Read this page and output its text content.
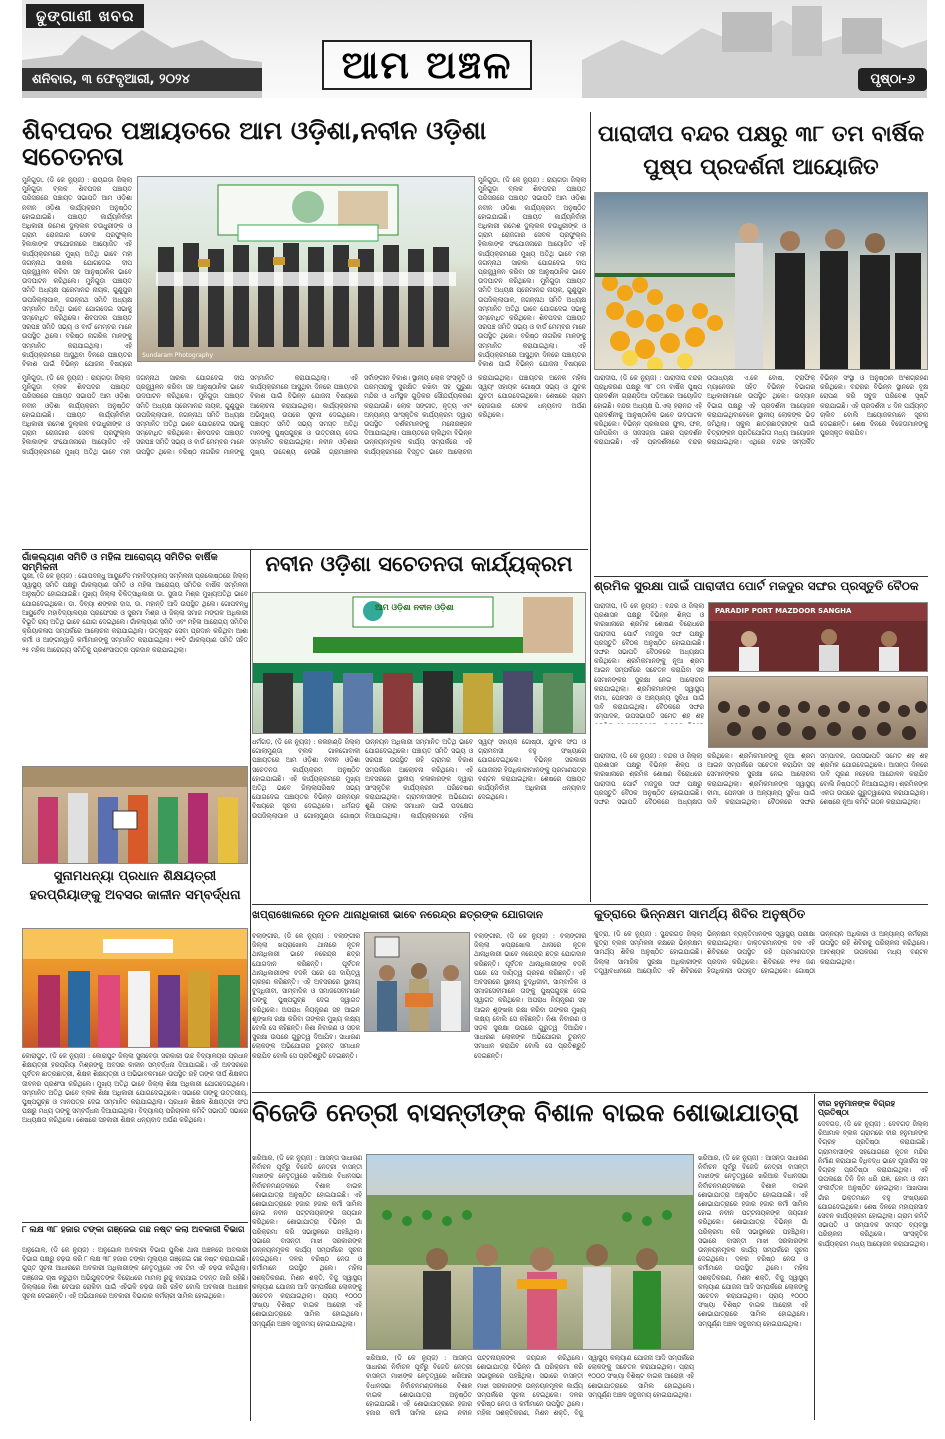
ଢୁଙ୍ଗାଣୀ ଖବର
ଆମ ଅଞ୍ଚଳ
ଶନିବାର, ୩ ଫେବୃଆରୀ, ୨୦୨୪	ପୃଷ୍ଠା-୬
ଶିବପଦର ପଞ୍ଚାୟତରେ ଆମ ଓଡ଼ିଶା,ନବୀନ ଓଡ଼ିଶା ସଚେତନତା
Sundaram Photography
ମୁନିଗୁଡ଼ା, (ଡି କେ ନ୍ୟୁଜ) : ରାୟଗଡ଼ା ଜିଲ୍ଲା ମୁନିଗୁଡ଼ା ବ୍ଲକ ଶିବପଦର ପଞ୍ଚାୟତ ପରିସରରେ ପଞ୍ଚାୟତ ସଭାପତି ଆମ ଓଡ଼ିଶା ନବୀନ ଓଡ଼ିଶା କାର୍ଯ୍ୟକ୍ରମ ଅନୁଷ୍ଠିତ ହୋଇଯାଇଛି। ପଞ୍ଚାୟତ କାର୍ଯ୍ୟନିର୍ବାହୀ ଅଧିକାରୀ ରମେଶ ଦୁଲ୍ଲକ ଚଉଧୁରୀଙ୍କ ଓ ଗ୍ରାମ ରୋଜଗାର ସେବକ ପ୍ରଫୁଲ୍ଲ ହିକାକାଙ୍କ ସଂଯୋଜନାରେ ଆୟୋଜିତ ଏହି କାର୍ଯ୍ୟକ୍ରମରେ ମୁଖ୍ୟ ଅତିଥି ଭାବେ ମହୀ ଜଗନ୍ନାଥ ସାରକା ଯୋଗଦେଇ ଦୀପ ପ୍ରଜ୍ଜ୍ୱଳନ କରିବା ସହ ଆନୁଷ୍ଠାନିକ ଭାବେ ଉଦଘାଟନ କରିଥିଲେ। ମୁନିଗୁଡ଼ା ପଞ୍ଚାୟତ ସମିତି ଅଧ୍ୟକ୍ଷ ପ୍ରେମାନନ୍ଦ ନାୟକ, ଗୁଣୁପୁର ଉପଜିଲ୍ଲାପାଳ, ଜଗନ୍ନାଥ ସମିତି ଅଧ୍ୟକ୍ଷ ସମ୍ମାନିତ ଅତିଥି ଭାବେ ଯୋଗଦେଇ ସଭାକୁ ସମ୍ବୋଧିତ କରିଥିଲେ। ଶିବପଦର ପଞ୍ଚାୟତ ସରପଞ୍ଚ ସମିତି ସଭ୍ୟ ଓ ବାର୍ଡ ମେମ୍ବର ମାନେ ଉପସ୍ଥିତ ଥିଲେ। ବରିଷ୍ଠ ନାଗରିକ ମାନଙ୍କୁ ସମ୍ମାନିତ କରାଯାଇଥିଲା। ଏହି କାର୍ଯ୍ୟକ୍ରମରେ ଆସୁଥିବା ଦିନରେ ପଞ୍ଚାୟତର ବିକାଶ ପାଇଁ ବିଭିନ୍ନ ଯୋଜନା ବିଷୟରେ
ମୁନିଗୁଡ଼ା, (ଡି କେ ନ୍ୟୁଜ) : ରାୟଗଡ଼ା ଜିଲ୍ଲା ମୁନିଗୁଡ଼ା ବ୍ଲକ ଶିବପଦର ପଞ୍ଚାୟତ ପରିସରରେ ପଞ୍ଚାୟତ ସଭାପତି ଆମ ଓଡ଼ିଶା ନବୀନ ଓଡ଼ିଶା କାର୍ଯ୍ୟକ୍ରମ ଅନୁଷ୍ଠିତ ହୋଇଯାଇଛି। ପଞ୍ଚାୟତ କାର୍ଯ୍ୟନିର୍ବାହୀ ଅଧିକାରୀ ରମେଶ ଦୁଲ୍ଲକ ଚଉଧୁରୀଙ୍କ ଓ ଗ୍ରାମ ରୋଜଗାର ସେବକ ପ୍ରଫୁଲ୍ଲ ହିକାକାଙ୍କ ସଂଯୋଜନାରେ ଆୟୋଜିତ ଏହି କାର୍ଯ୍ୟକ୍ରମରେ ମୁଖ୍ୟ ଅତିଥି ଭାବେ ମହୀ ଜଗନ୍ନାଥ ସାରକା ଯୋଗଦେଇ ଦୀପ ପ୍ରଜ୍ଜ୍ୱଳନ କରିବା ସହ ଆନୁଷ୍ଠାନିକ ଭାବେ ଉଦଘାଟନ କରିଥିଲେ। ମୁନିଗୁଡ଼ା ପଞ୍ଚାୟତ ସମିତି ଅଧ୍ୟକ୍ଷ ପ୍ରେମାନନ୍ଦ ନାୟକ, ଗୁଣୁପୁର ଉପଜିଲ୍ଲାପାଳ, ଜଗନ୍ନାଥ ସମିତି ଅଧ୍ୟକ୍ଷ ସମ୍ମାନିତ ଅତିଥି ଭାବେ ଯୋଗଦେଇ ସଭାକୁ ସମ୍ବୋଧିତ କରିଥିଲେ। ଶିବପଦର ପଞ୍ଚାୟତ ସରପଞ୍ଚ ସମିତି ସଭ୍ୟ ଓ ବାର୍ଡ ମେମ୍ବର ମାନେ ଉପସ୍ଥିତ ଥିଲେ। ବରିଷ୍ଠ ନାଗରିକ ମାନଙ୍କୁ ସମ୍ମାନିତ କରାଯାଇଥିଲା। ଏହି କାର୍ଯ୍ୟକ୍ରମରେ ଆସୁଥିବା ଦିନରେ ପଞ୍ଚାୟତର ବିକାଶ ପାଇଁ ବିଭିନ୍ନ ଯୋଜନା ବିଷୟରେ
ମୁନିଗୁଡ଼ା, (ଡି କେ ନ୍ୟୁଜ) : ରାୟଗଡ଼ା ଜିଲ୍ଲା ମୁନିଗୁଡ଼ା ବ୍ଲକ ଶିବପଦର ପଞ୍ଚାୟତ ପରିସରରେ ପଞ୍ଚାୟତ ସଭାପତି ଆମ ଓଡ଼ିଶା ନବୀନ ଓଡ଼ିଶା କାର୍ଯ୍ୟକ୍ରମ ଅନୁଷ୍ଠିତ ହୋଇଯାଇଛି। ପଞ୍ଚାୟତ କାର୍ଯ୍ୟନିର୍ବାହୀ ଅଧିକାରୀ ରମେଶ ଦୁଲ୍ଲକ ଚଉଧୁରୀଙ୍କ ଓ ଗ୍ରାମ ରୋଜଗାର ସେବକ ପ୍ରଫୁଲ୍ଲ ହିକାକାଙ୍କ ସଂଯୋଜନାରେ ଆୟୋଜିତ ଏହି କାର୍ଯ୍ୟକ୍ରମରେ ମୁଖ୍ୟ ଅତିଥି ଭାବେ ମହୀ ଜଗନ୍ନାଥ ସାରକା ଯୋଗଦେଇ ଦୀପ ପ୍ରଜ୍ଜ୍ୱଳନ କରିବା ସହ ଆନୁଷ୍ଠାନିକ ଭାବେ ଉଦଘାଟନ କରିଥିଲେ। ମୁନିଗୁଡ଼ା ପଞ୍ଚାୟତ ସମିତି ଅଧ୍ୟକ୍ଷ ପ୍ରେମାନନ୍ଦ ନାୟକ, ଗୁଣୁପୁର ଉପଜିଲ୍ଲାପାଳ, ଜଗନ୍ନାଥ ସମିତି ଅଧ୍ୟକ୍ଷ ସମ୍ମାନିତ ଅତିଥି ଭାବେ ଯୋଗଦେଇ ସଭାକୁ ସମ୍ବୋଧିତ କରିଥିଲେ। ଶିବପଦର ପଞ୍ଚାୟତ ସରପଞ୍ଚ ସମିତି ସଭ୍ୟ ଓ ବାର୍ଡ ମେମ୍ବର ମାନେ ଉପସ୍ଥିତ ଥିଲେ। ବରିଷ୍ଠ ନାଗରିକ ମାନଙ୍କୁ ସମ୍ମାନିତ କରାଯାଇଥିଲା। ଏହି କାର୍ଯ୍ୟକ୍ରମରେ ଆସୁଥିବା ଦିନରେ ପଞ୍ଚାୟତର ବିକାଶ ପାଇଁ ବିଭିନ୍ନ ଯୋଜନା ବିଷୟରେ ଆଲୋଚନା କରାଯାଇଥିଲା। କାର୍ଯ୍ୟକ୍ରମର ଅଭିମୁଖ୍ୟ ଉପରେ ସୂଚନା ଦେଇଥିଲେ। ପଞ୍ଚାୟତ ସମିତି ସଭ୍ୟ ସମସ୍ତ ଅତିଥି ମାନଙ୍କୁ ପୁଷ୍ପଗୁଚ୍ଛ ଓ ଉତ୍ତରୀୟ ଦେଇ ସମ୍ମାନିତ କରାଯାଇଥିଲା। ନବୀନ ଓଡ଼ିଶାର ମୁଖ୍ୟ ଉଦ୍ଦେଶ୍ୟ ହେଉଛି ଗ୍ରାମାଞ୍ଚଳର ସର୍ବାଙ୍ଗୀନ ବିକାଶ। ସ୍ଥାନୀୟ ଲୋକ ସଂସ୍କୃତି ଓ ପରମ୍ପରାକୁ ସୁରକ୍ଷିତ ରଖିବା ସହ ପୁରୁଣା ମନ୍ଦିର ଓ ଧର୍ମସ୍ଥଳ ଗୁଡ଼ିକର ସୌନ୍ଦର୍ଯ୍ୟକରଣ କରାଯାଉଛି। ଲୋକ ସଙ୍ଗୀତ, ନୃତ୍ୟ ଏବଂ ଅନ୍ୟାନ୍ୟ ସାଂସ୍କୃତିକ କାର୍ଯ୍ୟକ୍ରମ ଦ୍ୱାରା ଉପସ୍ଥିତ ଦର୍ଶକମାନଙ୍କୁ ମନୋରଞ୍ଜନ ଦିଆଯାଇଥିଲା। ପଞ୍ଚାୟତରେ ଚାଲିଥିବା ବିଭିନ୍ନ ଉନ୍ନୟନମୂଳକ କାର୍ଯ୍ୟ ସମ୍ପର୍କରେ ଏହି କାର୍ଯ୍ୟକ୍ରମରେ ବିସ୍ତୃତ ଭାବେ ଆଲୋଚନା କରାଯାଇଥିଲା। ପଞ୍ଚାୟତର ଅନେକ ମହିଳା ସ୍ୱୟଂ ସହାୟକ ଗୋଷ୍ଠୀ ସଭ୍ୟ ଓ ଯୁବକ ଯୁବତୀ ଯୋଗଦେଇଥିଲେ। ଶେଷରେ ଗ୍ରାମ ରୋଜଗାର ସେବକ ଧନ୍ୟବାଦ ଅର୍ପଣ କରିଥିଲେ।
ପାରାଦୀପ ବନ୍ଦର ପକ୍ଷରୁ ୩୮ ତମ ବାର୍ଷିକ ପୁଷ୍ପ ପ୍ରଦର୍ଶନୀ ଆୟୋଜିତ
ପାରାଦୀପ, (ଡି କେ ନ୍ୟୁଜ) : ପାରାଦୀପ ବନ୍ଦର ପ୍ରାଧିକରଣ ପକ୍ଷରୁ ୩୮ ତମ ବାର୍ଷିକ ପୁଷ୍ପ ପ୍ରଦର୍ଶନୀ ଗ୍ରାଣ୍ଡିଆ ପଡ଼ିଆରେ ଆୟୋଜିତ ହୋଇଛି। ବନ୍ଦର ଅଧ୍ୟକ୍ଷ ପି.ଏଲ୍ ହରାନନ୍ଦ ଏହି ପ୍ରଦର୍ଶନୀକୁ ଆନୁଷ୍ଠାନିକ ଭାବେ ଉଦଘାଟନ କରିଥିଲେ। ବିଭିନ୍ନ ପ୍ରକାରର ଫୁଲ, ଫଳ, ପନିପରିବା ଓ ସଜସଜ୍ଜା ଗଛର ପ୍ରଦର୍ଶନ କରାଯାଇଛି। ଏହି ପ୍ରଦର୍ଶନୀରେ ବନ୍ଦର ଉପାଧ୍ୟକ୍ଷ ଏ.କେ ବୋଷ, ଟ୍ରାଫିକ୍ ମ୍ୟାନେଜର ସହିତ ବିଭିନ୍ନ ବିଭାଗର ଅଧିକାରୀମାନେ ଉପସ୍ଥିତ ଥିଲେ। ଉଦ୍ୟାନ ବିଭାଗ ପକ୍ଷରୁ ଏହି ପ୍ରଦର୍ଶନୀ ଆୟୋଜନ କରାଯାଇଥିବାବେଳେ ସ୍ଥାନୀୟ ଲୋକଙ୍କ ଭିଡ଼ ଜମିଥିଲା। ସ୍କୁଲ ଛାତ୍ରଛାତ୍ରୀଙ୍କ ପାଇଁ ଚିତ୍ରାଙ୍କନ ପ୍ରତିଯୋଗିତା ମଧ୍ୟ ଆୟୋଜନ କରାଯାଇଥିଲା। ଏଥିରେ ବନ୍ଦର ସମ୍ପର୍କିତ ବିଭିନ୍ନ ସଂସ୍ଥା ଓ ଅନୁଷ୍ଠାନ ଅଂଶଗ୍ରହଣ କରିଥିଲେ। ବନ୍ଦରର ବିଭିନ୍ନ ସ୍ଥାନରେ ବୃକ୍ଷ ରୋପଣ କରି ସବୁଜ ପରିବେଶ ସୃଷ୍ଟି କରାଯାଇଛି। ଏହି ପ୍ରଦର୍ଶନୀ ୪ ଦିନ ପର୍ଯ୍ୟନ୍ତ ଚାଲିବ ବୋଲି ଆୟୋଜକମାନେ ସୂଚନା ଦେଇଛନ୍ତି। ଶେଷ ଦିନରେ ବିଜେତାମାନଙ୍କୁ ପୁରସ୍କୃତ କରାଯିବ।
ଗାଁକଲ୍ୟାଣ ସମିତି ଓ ମହିଳା ଆରୋଗ୍ୟ ସମିତିର ବାର୍ଷିକ ସମ୍ମିଳନୀ
ପୁରୀ, (ଡି କେ ନ୍ୟୁଜ) : ଗୋପବନ୍ଧୁ ଆୟୁର୍ବେଦ ମହାବିଦ୍ୟାଳୟ ସମ୍ମିଳନୀ ପ୍ରକୋଷ୍ଠରେ ଜିଲ୍ଲା ସ୍ୱାସ୍ଥ୍ୟ ସମିତି ପକ୍ଷରୁ ଗାଁକଲ୍ୟାଣ ସମିତି ଓ ମହିଳା ଆରୋଗ୍ୟ ସମିତିର ବାର୍ଷିକ ସମ୍ମିଳନୀ ଅନୁଷ୍ଠିତ ହୋଇଯାଇଛି। ମୁଖ୍ୟ ଜିଲ୍ଲା ଚିକିତ୍ସାଧିକାରୀ ଡା. ସୁଜାତା ମିଶ୍ର ମୁଖ୍ୟଅତିଥି ଭାବେ ଯୋଗଦେଇଥିଲେ। ଡା. ଦିବ୍ୟା ଶଙ୍କର ଦାସ, ଡା. ମହାନ୍ତି ଆଦି ଉପସ୍ଥିତ ଥିଲେ। ଗୋପବନ୍ଧୁ ଆୟୁର୍ବେଦ ମହାବିଦ୍ୟାଳୟର ପ୍ରଫେସର ଓ ସୁରମା ମିଶ୍ର ଓ ଜିଲ୍ଲା ସମାଜ ମଙ୍ଗଳ ଅଧିକାରୀ ବିଭୂତି ରାୟ ଅତିଥି ଭାବେ ଯୋଗ ଦେଇଥିଲେ। ଗାଁକଲ୍ୟାଣ ସମିତି ଏବଂ ମହିଳା ଆରୋଗ୍ୟ ସମିତିର କ୍ରିୟାକଳାପ ସମ୍ପର୍କରେ ଆଲୋଚନା କରାଯାଇଥିଲା। ଉତ୍କୃଷ୍ଟ ସେବା ପ୍ରଦାନ କରିଥିବା ଆଶା କର୍ମୀ ଓ ଆଙ୍ଗନୱାଡ଼ି କର୍ମୀମାନଙ୍କୁ ସମ୍ମାନିତ କରାଯାଇଥିଲା। ୧୧ଟି ଗାଁକଲ୍ୟାଣ ସମିତି ସହିତ ୨୫ ମହିଳା ଆରୋଗ୍ୟ ସମିତିକୁ ପ୍ରଶଂସାପତ୍ର ପ୍ରଦାନ କରାଯାଇଥିଲା।
ନବୀନ ଓଡ଼ିଶା ସଚେତନତା କାର୍ଯ୍ୟକ୍ରମ
ଆମ ଓଡ଼ିଶା ନବୀନ ଓଡ଼ିଶା
ଧର୍ମଗଡ଼, (ଡି କେ ନ୍ୟୁଜ) : କଳାହାଣ୍ଡି ଜିଲ୍ଲା ଗୋଲାମୁଣ୍ଡା ବ୍ଲକ ଗାଳଗୋବାଳୀ ପଞ୍ଚାୟତରେ ଆମ ଓଡ଼ିଶା ନବୀନ ଓଡ଼ିଶା ସଚେତନତା କାର୍ଯ୍ୟକ୍ରମ ଅନୁଷ୍ଠିତ ହୋଇଯାଇଛି। ଏହି କାର୍ଯ୍ୟକ୍ରମରେ ମୁଖ୍ୟ ଅତିଥି ଭାବେ ଜିଲ୍ଲାପରିଷଦ ସଭ୍ୟ ଯୋଗଦେଇ ପଞ୍ଚାୟତର ବିଭିନ୍ନ ଉନ୍ନୟନ ବିଷୟରେ ସୂଚନା ଦେଇଥିଲେ। ଧର୍ମଗଡ଼ ଉପଜିଲ୍ଲାପାଳ ଓ ଗୋଲାମୁଣ୍ଡା ଗୋଷ୍ଠୀ ଉନ୍ନୟନ ଅଧିକାରୀ ସମ୍ମାନିତ ଅତିଥି ଭାବେ ଯୋଗଦେଇଥିଲେ। ପଞ୍ଚାୟତ ସମିତି ସଭ୍ୟ ଓ ସରପଞ୍ଚ ଉପସ୍ଥିତ ରହି ଗ୍ରାମର ବିକାଶ ସମ୍ପର୍କରେ ଆଲୋଚନା କରିଥିଲେ। ଏହି ଅବସରରେ ସ୍ଥାନୀୟ କଳାକାରଙ୍କ ଦ୍ୱାରା ସାଂସ୍କୃତିକ କାର୍ଯ୍ୟକ୍ରମ ପରିବେଷଣ କରାଯାଇଥିଲା। ଗ୍ରାମବାସୀଙ୍କ ଅଭିଯୋଗ ଶୁଣି ତାହାର ସମାଧାନ ପାଇଁ ପଦକ୍ଷେପ ନିଆଯାଇଥିଲା। କାର୍ଯ୍ୟକ୍ରମରେ ମହିଳା ସ୍ୱୟଂ ସହାୟକ ଗୋଷ୍ଠୀ, ଯୁବକ ସଂଘ ଓ ଗ୍ରାମବାସୀ ବହୁ ସଂଖ୍ୟାରେ ଯୋଗଦେଇଥିଲେ। ବିଭିନ୍ନ ସରକାରୀ ଯୋଜନାର ହିତାଧିକାରୀମାନଙ୍କୁ ପ୍ରମାଣପତ୍ର ବଣ୍ଟନ କରାଯାଇଥିଲା। ଶେଷରେ ପଞ୍ଚାୟତ କାର୍ଯ୍ୟନିର୍ବାହୀ ଅଧିକାରୀ ଧନ୍ୟବାଦ ଦେଇଥିଲେ।
ଶ୍ରମିକ ସୁରକ୍ଷା ପାଇଁ ପାରାଦୀପ ପୋର୍ଟ ମଜଦୁର ସଙ୍ଘର ପ୍ରସ୍ତୁତି ବୈଠକ
ପାରାଦୀପ, (ଡି କେ ନ୍ୟୁଜ) : ବନ୍ଦର ଓ ଜିଲ୍ଲା ପ୍ରଶାସନ ପକ୍ଷରୁ ବିଭିନ୍ନ ଶିଳ୍ପ ଓ କାରଖାନାରେ ଶ୍ରମିକ ଶୋଷଣ ବିରୋଧରେ ପାରାଦୀପ ପୋର୍ଟ ମଜଦୁର ସଙ୍ଘ ପକ୍ଷରୁ ପ୍ରସ୍ତୁତି ବୈଠକ ଅନୁଷ୍ଠିତ ହୋଇଯାଇଛି। ସଙ୍ଘର ସଭାପତି ବୈଠକରେ ଅଧ୍ୟକ୍ଷତା କରିଥିଲେ। ଶ୍ରମିକମାନଙ୍କୁ ନୂଆ ଶ୍ରମ ଆଇନ ସମ୍ପର୍କରେ ସଚେତନ କରାଯିବା ସହ ସେମାନଙ୍କର ସୁରକ୍ଷା ନେଇ ଆଲୋଚନା କରାଯାଇଥିଲା। ଶ୍ରମିକମାନଙ୍କ ସ୍ୱାସ୍ଥ୍ୟ ବୀମା, ପେନସନ ଓ ଅନ୍ୟାନ୍ୟ ସୁବିଧା ପାଇଁ ଦାବି କରାଯାଇଥିଲା। ବୈଠକରେ ସଙ୍ଘର ସମ୍ପାଦକ, ଉପସଭାପତି ସମେତ ଶହ ଶହ
PARADIP PORT MAZDOOR SANGHA
ପାରାଦୀପ, (ଡି କେ ନ୍ୟୁଜ) : ବନ୍ଦର ଓ ଜିଲ୍ଲା ପ୍ରଶାସନ ପକ୍ଷରୁ ବିଭିନ୍ନ ଶିଳ୍ପ ଓ କାରଖାନାରେ ଶ୍ରମିକ ଶୋଷଣ ବିରୋଧରେ ପାରାଦୀପ ପୋର୍ଟ ମଜଦୁର ସଙ୍ଘ ପକ୍ଷରୁ ପ୍ରସ୍ତୁତି ବୈଠକ ଅନୁଷ୍ଠିତ ହୋଇଯାଇଛି। ସଙ୍ଘର ସଭାପତି ବୈଠକରେ ଅଧ୍ୟକ୍ଷତା କରିଥିଲେ। ଶ୍ରମିକମାନଙ୍କୁ ନୂଆ ଶ୍ରମ ଆଇନ ସମ୍ପର୍କରେ ସଚେତନ କରାଯିବା ସହ ସେମାନଙ୍କର ସୁରକ୍ଷା ନେଇ ଆଲୋଚନା କରାଯାଇଥିଲା। ଶ୍ରମିକମାନଙ୍କ ସ୍ୱାସ୍ଥ୍ୟ ବୀମା, ପେନସନ ଓ ଅନ୍ୟାନ୍ୟ ସୁବିଧା ପାଇଁ ଦାବି କରାଯାଇଥିଲା। ବୈଠକରେ ସଙ୍ଘର ସମ୍ପାଦକ, ଉପସଭାପତି ସମେତ ଶହ ଶହ ଶ୍ରମିକ ଯୋଗଦେଇଥିଲେ। ଆସନ୍ତା ଦିନରେ ଦାବି ପୂରଣ ନହେଲେ ଆନ୍ଦୋଳନ କରାଯିବ ବୋଲି ନିଷ୍ପତ୍ତି ନିଆଯାଇଥିଲା। ଶ୍ରମିକଙ୍କ ଏକତା ଉପରେ ଗୁରୁତ୍ୱାରୋପ କରାଯାଇଥିଲା। ଶେଷରେ ନୂଆ କମିଟି ଗଠନ କରାଯାଇଥିଲା।
ସୁନାମଧନ୍ୟା ପ୍ରଧାନ ଶିକ୍ଷୟତ୍ରୀ ହରପ୍ରିୟାଙ୍କୁ ଅବସର କାଳୀନ ସମ୍ବର୍ଦ୍ଧନା
କୋରାପୁଟ, (ଡି କେ ନ୍ୟୁଜ) : କୋରାପୁଟ ଜିଲ୍ଲା ସୁନାବେଡ଼ା ସରକାରୀ ଉଚ୍ଚ ବିଦ୍ୟାଳୟର ପ୍ରଧାନ ଶିକ୍ଷୟତ୍ରୀ ହରପ୍ରିୟା ମିଶ୍ରଙ୍କୁ ଅବସର କାଳୀନ ସମ୍ବର୍ଦ୍ଧନା ଦିଆଯାଇଛି। ଏହି ଅବସରରେ ପୂର୍ବତନ ଛାତ୍ରଛାତ୍ରୀ, ଶିକ୍ଷକ ଶିକ୍ଷୟତ୍ରୀ ଓ ଅଭିଭାବକମାନେ ଉପସ୍ଥିତ ରହି ତାଙ୍କ ଦୀର୍ଘ ଶିକ୍ଷକତା ଜୀବନର ପ୍ରଶଂସା କରିଥିଲେ। ମୁଖ୍ୟ ଅତିଥି ଭାବେ ଜିଲ୍ଲା ଶିକ୍ଷା ଅଧିକାରୀ ଯୋଗଦେଇଥିଲେ। ସମ୍ମାନିତ ଅତିଥି ଭାବେ ବ୍ଲକ ଶିକ୍ଷା ଅଧିକାରୀ ଯୋଗଦେଇଥିଲେ। ସଭାରେ ତାଙ୍କୁ ଉତ୍ତରୀୟ, ପୁଷ୍ପଗୁଚ୍ଛ ଓ ମାନପତ୍ର ଦେଇ ସମ୍ମାନିତ କରାଯାଇଥିଲା। ପ୍ରଧାନ ଶିକ୍ଷକ ଶିକ୍ଷୟତ୍ରୀ ସଂଘ ପକ୍ଷରୁ ମଧ୍ୟ ତାଙ୍କୁ ସମ୍ବର୍ଦ୍ଧନା ଦିଆଯାଇଥିଲା। ବିଦ୍ୟାଳୟ ପରିଚାଳନା କମିଟି ସଭାପତି ସଭାରେ ଅଧ୍ୟକ୍ଷତା କରିଥିଲେ। ଶେଷରେ ସହକାରୀ ଶିକ୍ଷକ ଧନ୍ୟବାଦ ଅର୍ପଣ କରିଥିଲେ।
ଖପ୍ରାଖୋଲରେ ନୂତନ ଥାନାଧିକାରୀ ଭାବେ ନରେନ୍ଦ୍ର ଛତ୍ରଙ୍କ ଯୋଗଦାନ
ବଲାଙ୍ଗୀର, (ଡି କେ ନ୍ୟୁଜ) : ବଲାଙ୍ଗୀର ଜିଲ୍ଲା ଖପ୍ରାଖୋଲ ଥାନାରେ ନୂତନ ଥାନାଧିକାରୀ ଭାବେ ନରେନ୍ଦ୍ର ଛତ୍ର ଯୋଗଦାନ କରିଛନ୍ତି। ପୂର୍ବତନ ଥାନାଧିକାରୀଙ୍କ ବଦଳି ପରେ ସେ ଦାୟିତ୍ୱ ଗ୍ରହଣ କରିଛନ୍ତି। ଏହି ଅବସରରେ ସ୍ଥାନୀୟ ବୁଦ୍ଧିଜୀବୀ, ସାମ୍ବାଦିକ ଓ ସମାଜସେବୀମାନେ ତାଙ୍କୁ ପୁଷ୍ପଗୁଚ୍ଛ ଦେଇ ସ୍ୱାଗତ କରିଥିଲେ। ଅପରାଧ ନିୟନ୍ତ୍ରଣ ସହ ଆଇନ ଶୃଙ୍ଖଳା ରକ୍ଷା କରିବା ତାଙ୍କର ମୁଖ୍ୟ ଲକ୍ଷ୍ୟ ବୋଲି ସେ କହିଛନ୍ତି। ନିଶା ନିବାରଣ ଓ ସଡ଼କ ସୁରକ୍ଷା ଉପରେ ଗୁରୁତ୍ୱ ଦିଆଯିବ। ସାଧାରଣ ଲୋକଙ୍କ ଅଭିଯୋଗର ତୁରନ୍ତ ସମାଧାନ କରାଯିବ ବୋଲି ସେ ପ୍ରତିଶ୍ରୁତି ଦେଇଛନ୍ତି।
ବଲାଙ୍ଗୀର, (ଡି କେ ନ୍ୟୁଜ) : ବଲାଙ୍ଗୀର ଜିଲ୍ଲା ଖପ୍ରାଖୋଲ ଥାନାରେ ନୂତନ ଥାନାଧିକାରୀ ଭାବେ ନରେନ୍ଦ୍ର ଛତ୍ର ଯୋଗଦାନ କରିଛନ୍ତି। ପୂର୍ବତନ ଥାନାଧିକାରୀଙ୍କ ବଦଳି ପରେ ସେ ଦାୟିତ୍ୱ ଗ୍ରହଣ କରିଛନ୍ତି। ଏହି ଅବସରରେ ସ୍ଥାନୀୟ ବୁଦ୍ଧିଜୀବୀ, ସାମ୍ବାଦିକ ଓ ସମାଜସେବୀମାନେ ତାଙ୍କୁ ପୁଷ୍ପଗୁଚ୍ଛ ଦେଇ ସ୍ୱାଗତ କରିଥିଲେ। ଅପରାଧ ନିୟନ୍ତ୍ରଣ ସହ ଆଇନ ଶୃଙ୍ଖଳା ରକ୍ଷା କରିବା ତାଙ୍କର ମୁଖ୍ୟ ଲକ୍ଷ୍ୟ ବୋଲି ସେ କହିଛନ୍ତି। ନିଶା ନିବାରଣ ଓ ସଡ଼କ ସୁରକ୍ଷା ଉପରେ ଗୁରୁତ୍ୱ ଦିଆଯିବ। ସାଧାରଣ ଲୋକଙ୍କ ଅଭିଯୋଗର ତୁରନ୍ତ ସମାଧାନ କରାଯିବ ବୋଲି ସେ ପ୍ରତିଶ୍ରୁତି ଦେଇଛନ୍ତି।
କୁତ୍ରାରେ ଭିନ୍ନକ୍ଷମ ସାମର୍ଥ୍ୟ ଶିବିର ଅନୁଷ୍ଠିତ
କୁତ୍ରା, (ଡି କେ ନ୍ୟୁଜ) : ସୁନ୍ଦରଗଡ଼ ଜିଲ୍ଲା କୁତ୍ରା ବ୍ଲକ ସମ୍ମିଳନୀ କକ୍ଷରେ ଭିନ୍ନକ୍ଷମ ସାମର୍ଥ୍ୟ ଶିବିର ଅନୁଷ୍ଠିତ ହୋଇଯାଇଛି। ଜିଲ୍ଲା ସାମାଜିକ ସୁରକ୍ଷା ଅଧିକାରୀଙ୍କ ତତ୍ତ୍ୱାବଧାନରେ ଆୟୋଜିତ ଏହି ଶିବିରରେ ଭିନ୍ନକ୍ଷମ ବ୍ୟକ୍ତିମାନଙ୍କ ସ୍ୱାସ୍ଥ୍ୟ ପରୀକ୍ଷା କରାଯାଇଥିଲା। ଡାକ୍ତରମାନଙ୍କ ଦଳ ଏହି ଶିବିରରେ ଉପସ୍ଥିତ ରହି ପ୍ରମାଣପତ୍ର ପ୍ରଦାନ କରିଥିଲେ। ଶିବିରରେ ୧୨୫ ଜଣ ହିତାଧିକାରୀ ଉପକୃତ ହୋଇଥିଲେ। ଗୋଷ୍ଠୀ ଉନ୍ନୟନ ଅଧିକାରୀ ଓ ଅନ୍ୟାନ୍ୟ କର୍ମଚାରୀ ଉପସ୍ଥିତ ରହି ଶିବିରକୁ ପରିଚାଳନା କରିଥିଲେ। ଆବଶ୍ୟକ ଉପକରଣ ମଧ୍ୟ ବଣ୍ଟନ କରାଯାଇଥିଲା।
ବିଜେଡି ନେତ୍ରୀ ବାସନ୍ତୀଙ୍କ ବିଶାଳ ବାଇକ ଶୋଭାଯାତ୍ରା
ଖରିଆର, (ଡି କେ ନ୍ୟୁଜ) : ଆସନ୍ତା ସାଧାରଣ ନିର୍ବାଚନ ପୂର୍ବରୁ ବିଜେଡି ନେତ୍ରୀ ବାସନ୍ତୀ ମାଝୀଙ୍କ ନେତୃତ୍ୱରେ ଖରିଆର ବିଧାନସଭା ନିର୍ବାଚନମଣ୍ଡଳୀରେ ବିଶାଳ ବାଇକ ଶୋଭାଯାତ୍ରା ଅନୁଷ୍ଠିତ ହୋଇଯାଇଛି। ଏହି ଶୋଭାଯାତ୍ରାରେ ହଜାର ହଜାର କର୍ମୀ ସାମିଲ ହୋଇ ନବୀନ ପଟ୍ଟନାୟକଙ୍କ ଜୟଗାନ କରିଥିଲେ। ଶୋଭାଯାତ୍ରା ବିଭିନ୍ନ ଗାଁ ପରିକ୍ରମା କରି ସଭାସ୍ଥଳରେ ପହଞ୍ଚିଥିଲା। ସଭାରେ ବାସନ୍ତୀ ମାଝୀ ସରକାରଙ୍କ ଉନ୍ନୟନମୂଳକ କାର୍ଯ୍ୟ ସମ୍ପର୍କରେ ସୂଚନା ଦେଇଥିଲେ। ଦଳର ବରିଷ୍ଠ ନେତା ଓ କର୍ମୀମାନେ ଉପସ୍ଥିତ ଥିଲେ। ମହିଳା ସଶକ୍ତିକରଣ, ମିଶନ ଶକ୍ତି, ବିଜୁ ସ୍ୱାସ୍ଥ୍ୟ କଲ୍ୟାଣ ଯୋଜନା ଆଦି ସମ୍ପର୍କରେ ଲୋକଙ୍କୁ ସଚେତନ କରାଯାଇଥିଲା। ପ୍ରାୟ ୧୦୦୦ ସଂଖ୍ୟା ବିଶିଷ୍ଟ ବାଇକ ଆରୋହୀ ଏହି ଶୋଭାଯାତ୍ରାରେ ସାମିଲ ହୋଇଥିଲେ। ସମ୍ପୂର୍ଣ୍ଣ ଅଞ୍ଚଳ ସବୁଜମୟ ହୋଇଯାଇଥିଲା।
ଖରିଆର, (ଡି କେ ନ୍ୟୁଜ) : ଆସନ୍ତା ସାଧାରଣ ନିର୍ବାଚନ ପୂର୍ବରୁ ବିଜେଡି ନେତ୍ରୀ ବାସନ୍ତୀ ମାଝୀଙ୍କ ନେତୃତ୍ୱରେ ଖରିଆର ବିଧାନସଭା ନିର୍ବାଚନମଣ୍ଡଳୀରେ ବିଶାଳ ବାଇକ ଶୋଭାଯାତ୍ରା ଅନୁଷ୍ଠିତ ହୋଇଯାଇଛି। ଏହି ଶୋଭାଯାତ୍ରାରେ ହଜାର ହଜାର କର୍ମୀ ସାମିଲ ହୋଇ ନବୀନ ପଟ୍ଟନାୟକଙ୍କ ଜୟଗାନ କରିଥିଲେ। ଶୋଭାଯାତ୍ରା ବିଭିନ୍ନ ଗାଁ ପରିକ୍ରମା କରି ସଭାସ୍ଥଳରେ ପହଞ୍ଚିଥିଲା। ସଭାରେ ବାସନ୍ତୀ ମାଝୀ ସରକାରଙ୍କ ଉନ୍ନୟନମୂଳକ କାର୍ଯ୍ୟ ସମ୍ପର୍କରେ ସୂଚନା ଦେଇଥିଲେ। ଦଳର ବରିଷ୍ଠ ନେତା ଓ କର୍ମୀମାନେ ଉପସ୍ଥିତ ଥିଲେ। ମହିଳା ସଶକ୍ତିକରଣ, ମିଶନ ଶକ୍ତି, ବିଜୁ ସ୍ୱାସ୍ଥ୍ୟ କଲ୍ୟାଣ ଯୋଜନା ଆଦି ସମ୍ପର୍କରେ ଲୋକଙ୍କୁ ସଚେତନ କରାଯାଇଥିଲା। ପ୍ରାୟ ୧୦୦୦ ସଂଖ୍ୟା ବିଶିଷ୍ଟ ବାଇକ ଆରୋହୀ ଏହି ଶୋଭାଯାତ୍ରାରେ ସାମିଲ ହୋଇଥିଲେ। ସମ୍ପୂର୍ଣ୍ଣ ଅଞ୍ଚଳ ସବୁଜମୟ ହୋଇଯାଇଥିଲା।
ଖରିଆର, (ଡି କେ ନ୍ୟୁଜ) : ଆସନ୍ତା ସାଧାରଣ ନିର୍ବାଚନ ପୂର୍ବରୁ ବିଜେଡି ନେତ୍ରୀ ବାସନ୍ତୀ ମାଝୀଙ୍କ ନେତୃତ୍ୱରେ ଖରିଆର ବିଧାନସଭା ନିର୍ବାଚନମଣ୍ଡଳୀରେ ବିଶାଳ ବାଇକ ଶୋଭାଯାତ୍ରା ଅନୁଷ୍ଠିତ ହୋଇଯାଇଛି। ଏହି ଶୋଭାଯାତ୍ରାରେ ହଜାର ହଜାର କର୍ମୀ ସାମିଲ ହୋଇ ନବୀନ ପଟ୍ଟନାୟକଙ୍କ ଜୟଗାନ କରିଥିଲେ। ଶୋଭାଯାତ୍ରା ବିଭିନ୍ନ ଗାଁ ପରିକ୍ରମା କରି ସଭାସ୍ଥଳରେ ପହଞ୍ଚିଥିଲା। ସଭାରେ ବାସନ୍ତୀ ମାଝୀ ସରକାରଙ୍କ ଉନ୍ନୟନମୂଳକ କାର୍ଯ୍ୟ ସମ୍ପର୍କରେ ସୂଚନା ଦେଇଥିଲେ। ଦଳର ବରିଷ୍ଠ ନେତା ଓ କର୍ମୀମାନେ ଉପସ୍ଥିତ ଥିଲେ। ମହିଳା ସଶକ୍ତିକରଣ, ମିଶନ ଶକ୍ତି, ବିଜୁ ସ୍ୱାସ୍ଥ୍ୟ କଲ୍ୟାଣ ଯୋଜନା ଆଦି ସମ୍ପର୍କରେ ଲୋକଙ୍କୁ ସଚେତନ କରାଯାଇଥିଲା। ପ୍ରାୟ ୧୦୦୦ ସଂଖ୍ୟା ବିଶିଷ୍ଟ ବାଇକ ଆରୋହୀ ଏହି ଶୋଭାଯାତ୍ରାରେ ସାମିଲ ହୋଇଥିଲେ। ସମ୍ପୂର୍ଣ୍ଣ ଅଞ୍ଚଳ ସବୁଜମୟ ହୋଇଯାଇଥିଲା।
ବୀର ହନୁମାନଙ୍କ ବିଗ୍ରହ ପ୍ରତିଷ୍ଠା
ଦେବଗଡ଼, (ଡି କେ ନ୍ୟୁଜ) : ଦେବଗଡ଼ ଜିଲ୍ଲା ରିଆମାଳ ବ୍ଲକ ଗ୍ରାମରେ ବୀର ହନୁମାନଙ୍କ ବିଗ୍ରହ ପ୍ରତିଷ୍ଠା କରାଯାଇଛି। ଗ୍ରାମବାସୀଙ୍କ ସହଯୋଗରେ ନୂତନ ମନ୍ଦିର ନିର୍ମାଣ କରାଯାଇ ବିଧିବଦ୍ଧ ଭାବେ ପୂଜାର୍ଚ୍ଚନା ସହ ବିଗ୍ରହ ପ୍ରତିଷ୍ଠା କରାଯାଇଥିଲା। ଏହି ଉପଲକ୍ଷେ ତିନି ଦିନ ଧରି ଯଜ୍ଞ, ହୋମ ଓ ନାମ ସଂକୀର୍ତ୍ତନ ଅନୁଷ୍ଠିତ ହୋଇଥିଲା। ଆଖପାଖ ଗାଁର ଭକ୍ତମାନେ ବହୁ ସଂଖ୍ୟାରେ ଯୋଗଦେଇଥିଲେ। ଶେଷ ଦିନରେ ମହାପ୍ରସାଦ ସେବନ କାର୍ଯ୍ୟକ୍ରମ ହୋଇଥିଲା। ଗ୍ରାମ କମିଟି ସଭାପତି ଓ ସମ୍ପାଦକ ସମସ୍ତ ବ୍ୟବସ୍ଥା ପରିଚାଳନା କରିଥିଲେ। ସାଂସ୍କୃତିକ କାର୍ଯ୍ୟକ୍ରମ ମଧ୍ୟ ଆୟୋଜନ କରାଯାଇଥିଲା।
୮ ଲକ୍ଷ ୩୮ ହଜାର ଟଙ୍କା ଗଞ୍ଜେଇ ଗଛ ନଷ୍ଟ କଲା ଅବକାରୀ ବିଭାଗ
ଅନୁଗୋଳ, (ଡି କେ ନ୍ୟୁଜ) : ଅନୁଗୋଳ ଅବକାରୀ ବିଭାଗ ପୁଲିଶ ଥାନା ଅଞ୍ଚଳରେ ଅବକାରୀ ବିଭାଗ ପକ୍ଷରୁ ଚଢ଼ଉ କରି ୮ ଲକ୍ଷ ୩୮ ହଜାର ଟଙ୍କା ମୂଲ୍ୟର ଗଞ୍ଜେଇ ଗଛ ନଷ୍ଟ କରାଯାଇଛି। ଗୁପ୍ତ ସୂଚନା ଆଧାରରେ ଅବକାରୀ ଅଧିକାରୀଙ୍କ ନେତୃତ୍ୱରେ ଏକ ଟିମ ଏହି ଚଢ଼ଉ କରିଥିଲା। ଗଞ୍ଜେଇ ଚାଷ କରୁଥିବା ଅଭିଯୁକ୍ତଙ୍କ ବିରୋଧରେ ମାମଲା ରୁଜୁ କରାଯାଇ ତଦନ୍ତ ଜାରି ରହିଛି। ଜିଲ୍ଲାରେ ନିଶା ବେପାର ରୋକିବା ପାଇଁ ଏହିଭଳି ଚଢ଼ଉ ଜାରି ରହିବ ବୋଲି ଅବକାରୀ ଅଧୀକ୍ଷକ ସୂଚନା ଦେଇଛନ୍ତି। ଏହି ଅଭିଯାନରେ ଅବକାରୀ ବିଭାଗର କର୍ମଚାରୀ ସାମିଲ ହୋଇଥିଲେ।
